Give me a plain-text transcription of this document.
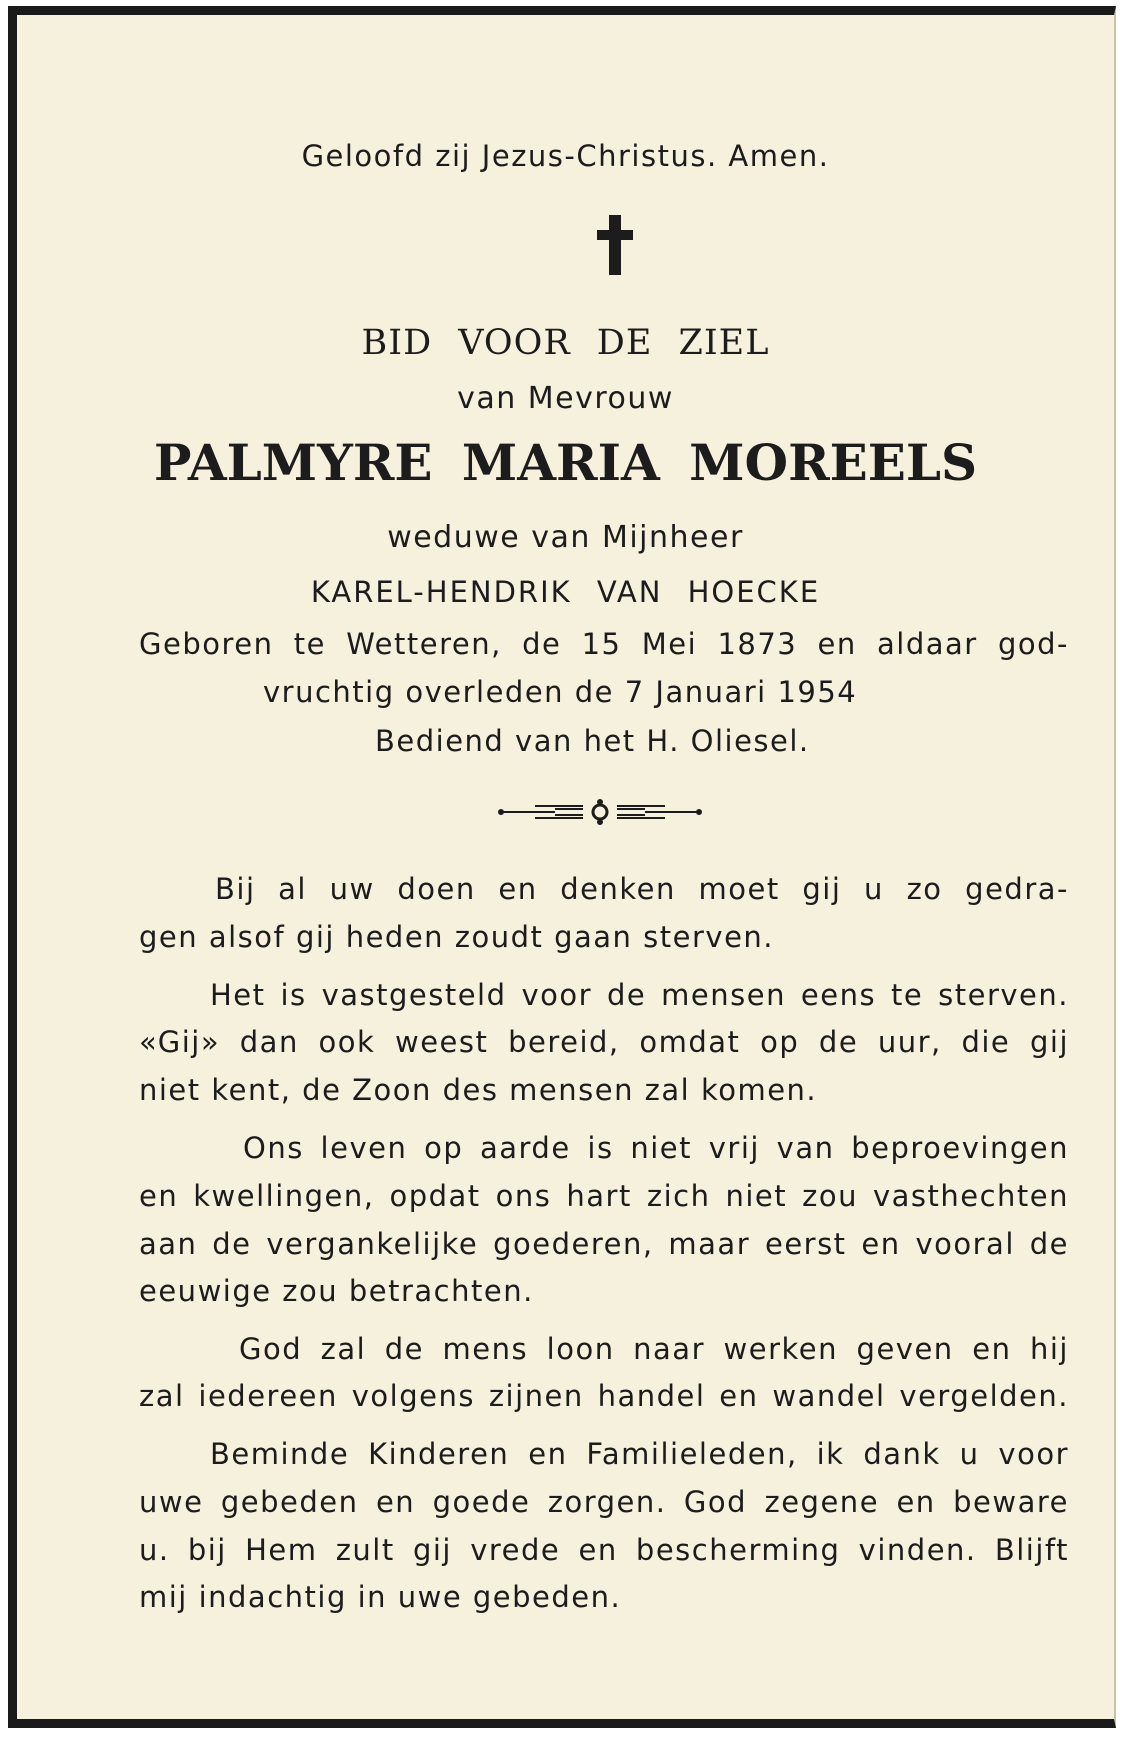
Geloofd zij Jezus-Christus. Amen.
BID VOOR DE ZIEL
van Mevrouw
PALMYRE MARIA MOREELS
weduwe van Mijnheer
KAREL-HENDRIK VAN HOECKE
Geboren te Wetteren, de 15 Mei 1873 en aldaar god-
vruchtig overleden de 7 Januari 1954
Bediend van het H. Oliesel.
Bij al uw doen en denken moet gij u zo gedra-
gen alsof gij heden zoudt gaan sterven.
Het is vastgesteld voor de mensen eens te sterven.
«Gij» dan ook weest bereid, omdat op de uur, die gij
niet kent, de Zoon des mensen zal komen.
Ons leven op aarde is niet vrij van beproevingen
en kwellingen, opdat ons hart zich niet zou vasthechten
aan de vergankelijke goederen, maar eerst en vooral de
eeuwige zou betrachten.
God zal de mens loon naar werken geven en hij
zal iedereen volgens zijnen handel en wandel vergelden.
Beminde Kinderen en Familieleden, ik dank u voor
uwe gebeden en goede zorgen. God zegene en beware
u. bij Hem zult gij vrede en bescherming vinden. Blijft
mij indachtig in uwe gebeden.
